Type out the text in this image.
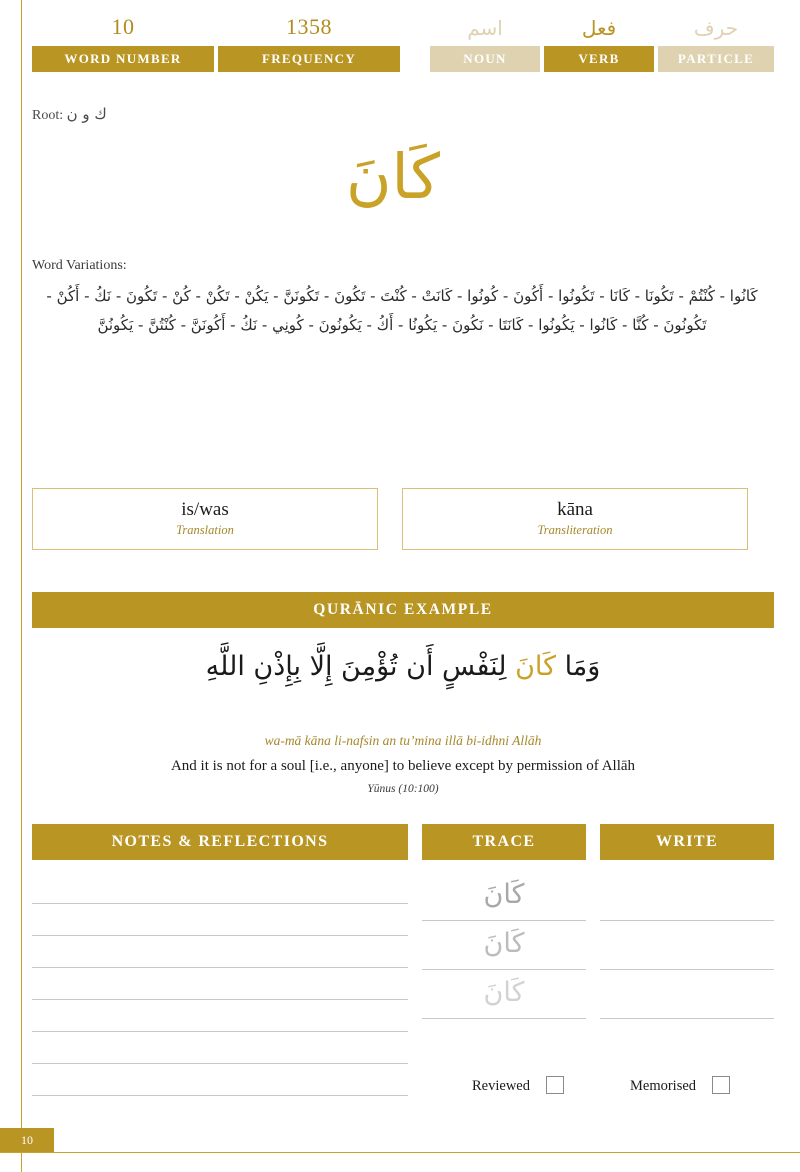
10
WORD NUMBER
1358
FREQUENCY
اسم
NOUN
فعل
VERB
حرف
PARTICLE
Root: ك و ن
كَانَ
Word Variations:
كَانُوا - كُنْتُمْ - تَكُونَا - كَانَا - تَكُونُوا - أَكُونَ - كُونُوا - كَانَتْ - كُنْتَ - تَكُونَ - تَكُونَنَّ - يَكُنْ - تَكُنْ - كُنْ - تَكُونَ - نَكُ - أَكُنْ - تَكُونُونَ - كُنَّا - كَانُوا - يَكُونُوا - كَانَتَا - نَكُونَ - يَكُونُا - أَكُ - يَكُونُونَ - كُونِي - نَكُ - أَكُونَنَّ - كُنْتُنَّ - يَكُونُنَّ
is/was
Translation
kāna
Transliteration
QURĀNIC EXAMPLE
وَمَا كَانَ لِنَفْسٍ أَن تُؤْمِنَ إِلَّا بِإِذْنِ اللَّهِ
wa-mā kāna li-nafsin an tu’mina illā bi-idhni Allāh
And it is not for a soul [i.e., anyone] to believe except by permission of Allāh
Yūnus (10:100)
NOTES & REFLECTIONS	TRACE	WRITE
كَانَ
كَانَ
كَانَ
Reviewed	Memorised
10
